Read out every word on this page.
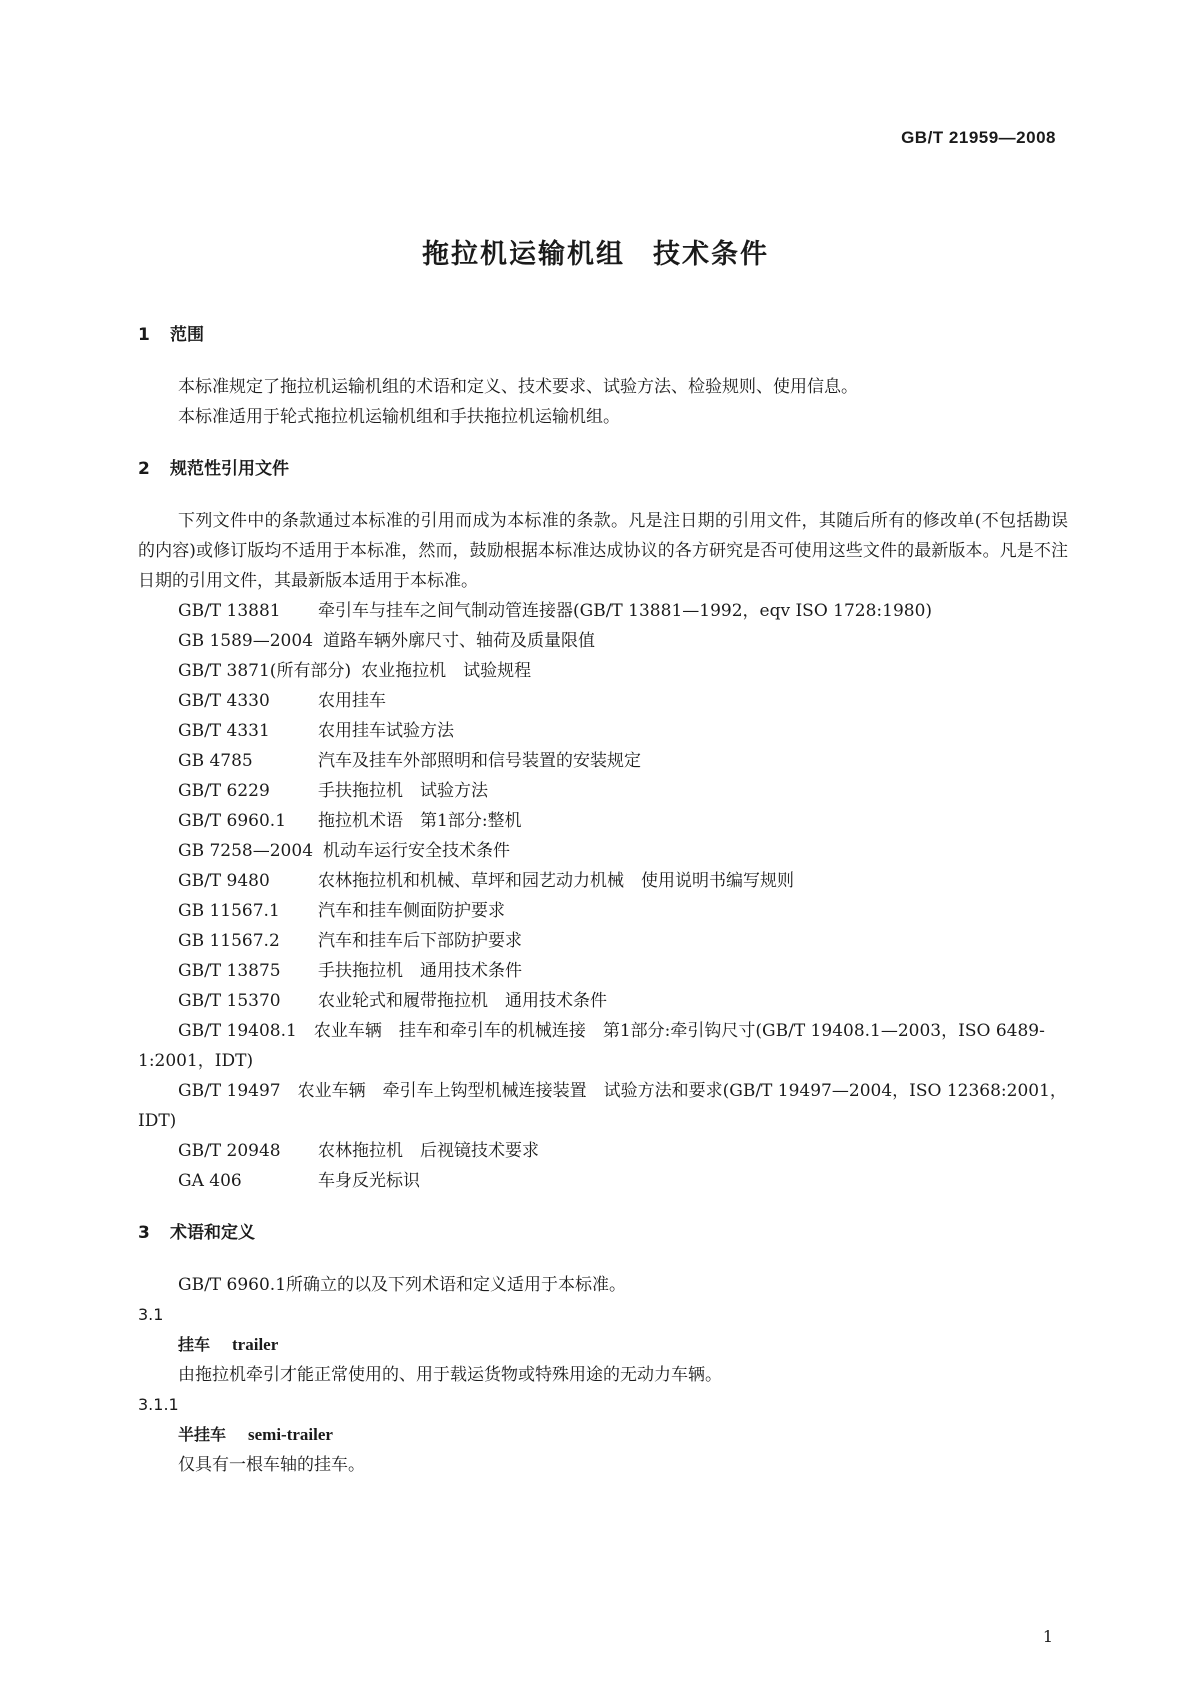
GB/T 21959—2008
拖拉机运输机组 技术条件
1 范围
本标准规定了拖拉机运输机组的术语和定义、技术要求、试验方法、检验规则、使用信息。
本标准适用于轮式拖拉机运输机组和手扶拖拉机运输机组。
2 规范性引用文件
下列文件中的条款通过本标准的引用而成为本标准的条款。凡是注日期的引用文件，其随后所有的修改单(不包括勘误的内容)或修订版均不适用于本标准，然而，鼓励根据本标准达成协议的各方研究是否可使用这些文件的最新版本。凡是不注日期的引用文件，其最新版本适用于本标准。
GB/T 13881 牵引车与挂车之间气制动管连接器(GB/T 13881—1992，eqv ISO 1728:1980)
GB 1589—2004 道路车辆外廓尺寸、轴荷及质量限值
GB/T 3871(所有部分) 农业拖拉机　试验规程
GB/T 4330	农用挂车
GB/T 4331	农用挂车试验方法
GB 4785	汽车及挂车外部照明和信号装置的安装规定
GB/T 6229	手扶拖拉机　试验方法
GB/T 6960.1 拖拉机术语　第1部分:整机
GB 7258—2004 机动车运行安全技术条件
GB/T 9480	农林拖拉机和机械、草坪和园艺动力机械　使用说明书编写规则
GB 11567.1 汽车和挂车侧面防护要求
GB 11567.2 汽车和挂车后下部防护要求
GB/T 13875 手扶拖拉机　通用技术条件
GB/T 15370 农业轮式和履带拖拉机　通用技术条件
GB/T 19408.1　农业车辆　挂车和牵引车的机械连接　第1部分:牵引钩尺寸(GB/T 19408.1—2003，ISO 6489-1:2001，IDT)
GB/T 19497　农业车辆　牵引车上钩型机械连接装置　试验方法和要求(GB/T 19497—2004，ISO 12368:2001，IDT)
GB/T 20948 农林拖拉机　后视镜技术要求
GA 406	车身反光标识
3 术语和定义
GB/T 6960.1所确立的以及下列术语和定义适用于本标准。
3.1
挂车 trailer
由拖拉机牵引才能正常使用的、用于载运货物或特殊用途的无动力车辆。
3.1.1
半挂车 semi-trailer
仅具有一根车轴的挂车。
1
